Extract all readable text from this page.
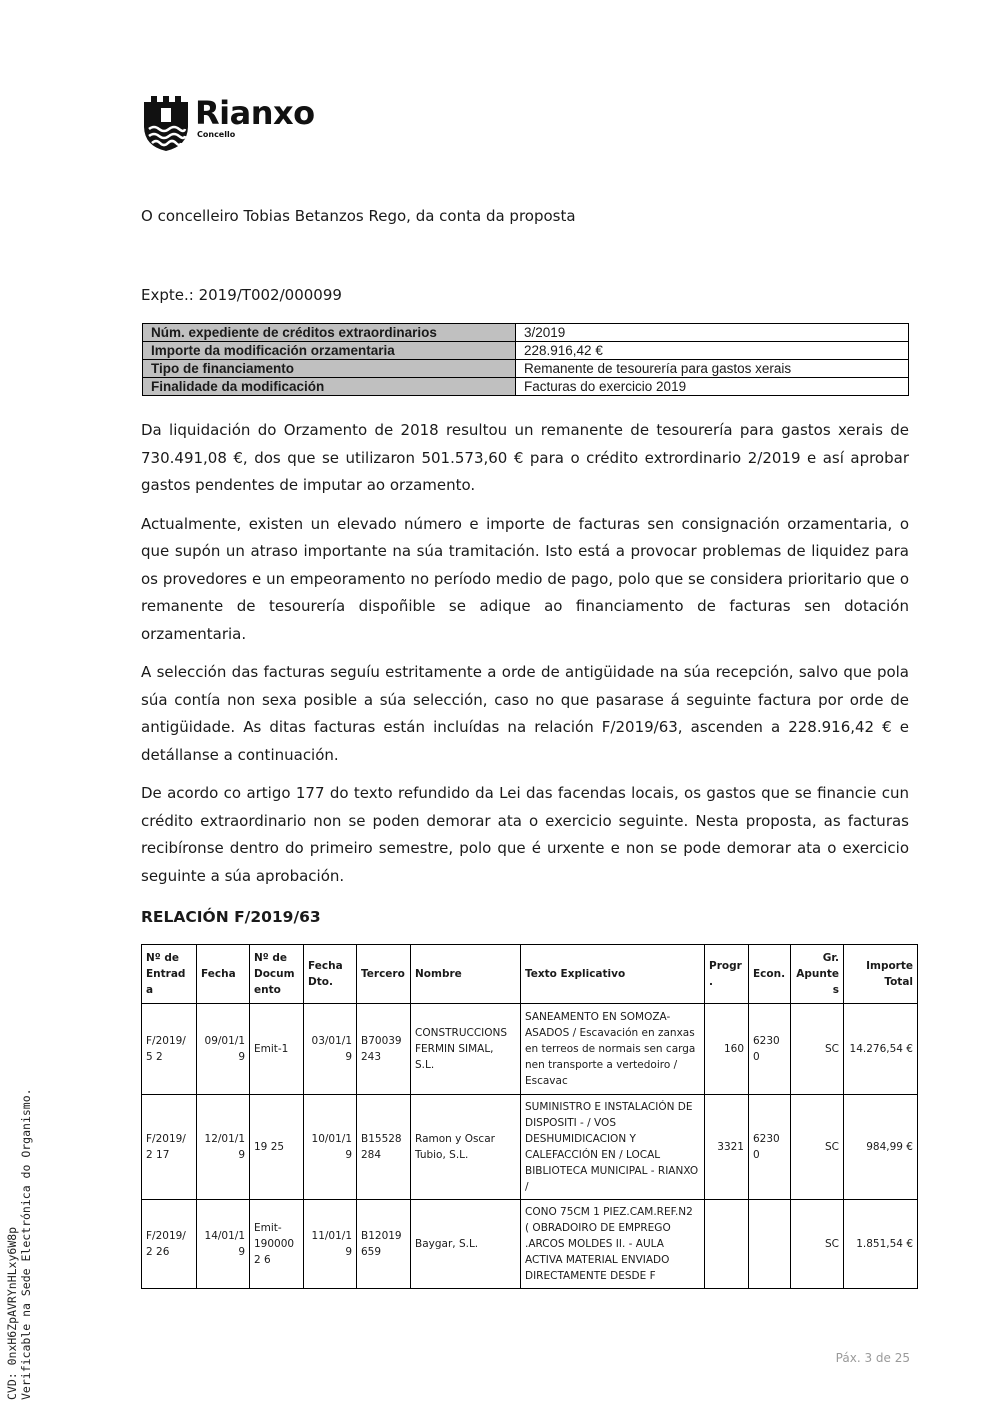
Rianxo
Concello
O concelleiro Tobias Betanzos Rego, da conta da proposta
Expte.: 2019/T002/000099
Núm. expediente de créditos extraordinarios	3/2019
Importe da modificación orzamentaria	228.916,42 €
Tipo de financiamento	Remanente de tesourería para gastos xerais
Finalidade da modificación	Facturas do exercicio 2019

Da liquidación do Orzamento de 2018 resultou un remanente de tesourería para gastos xerais de 730.491,08 €, dos que se utilizaron 501.573,60 € para o crédito extrordinario 2/2019 e así aprobar gastos pendentes de imputar ao orzamento.

Actualmente, existen un elevado número e importe de facturas sen consignación orzamentaria, o que supón un atraso importante na súa tramitación. Isto está a provocar problemas de liquidez para os provedores e un empeoramento no período medio de pago, polo que se considera prioritario que o remanente de tesourería dispoñible se adique ao financiamento de facturas sen dotación orzamentaria.

A selección das facturas seguíu estritamente a orde de antigüidade na súa recepción, salvo que pola súa contía non sexa posible a súa selección, caso no que pasarase á seguinte factura por orde de antigüidade. As ditas facturas están incluídas na relación F/2019/63, ascenden a 228.916,42 € e detállanse a continuación.

De acordo co artigo 177 do texto refundido da Lei das facendas locais, os gastos que se financie cun crédito extraordinario non se poden demorar ata o exercicio seguinte. Nesta proposta, as facturas recibíronse dentro do primeiro semestre, polo que é urxente e non se pode demorar ata o exercicio seguinte a súa aprobación.

RELACIÓN F/2019/63
Nº de Entrada	Fecha	Nº de Docum ento	Fecha Dto.	Tercero	Nombre	Texto Explicativo	Progr.	Econ.	Gr. Apunte s	Importe Total
F/2019/5 2	09/01/1 9	Emit-1	03/01/1 9	B70039 243	CONSTRUCCIONS FERMIN SIMAL, S.L.	SANEAMENTO EN SOMOZA-ASADOS / Escavación en zanxas en terreos de normais sen carga nen transporte a vertedoiro / Escavac	160	62300	SC	14.276,54 €
F/2019/2 17	12/01/1 9	19 25	10/01/1 9	B15528 284	Ramon y Oscar Tubio, S.L.	SUMINISTRO E INSTALACIÓN DE DISPOSITI - / VOS DESHUMIDICACION Y CALEFACCIÓN EN / LOCAL BIBLIOTECA MUNICIPAL - RIANXO /	3321	62300	SC	984,99 €
F/2019/2 26	14/01/1 9	Emit-1900002 6	11/01/1 9	B12019 659	Baygar, S.L.	CONO 75CM 1 PIEZ.CAM.REF.N2 ( OBRADOIRO DE EMPREGO .ARCOS MOLDES II. - AULA ACTIVA MATERIAL ENVIADO DIRECTAMENTE DESDE F			SC	1.851,54 €
Páx. 3 de 25
CVD: 0nxH6ZpAVRYnHLxy6W8p Verificable na Sede Electrónica do Organismo.
